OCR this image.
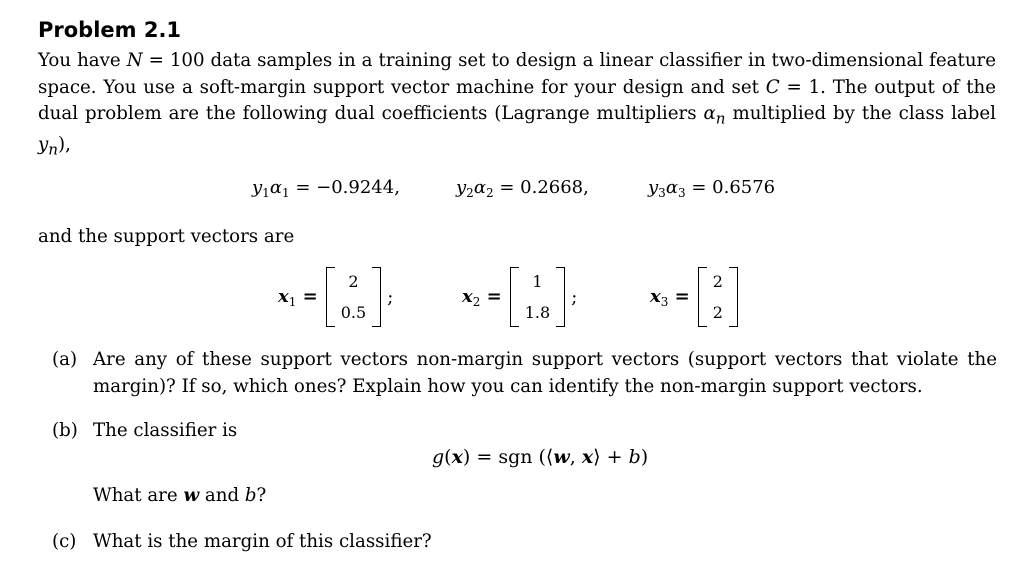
Problem 2.1

You have N = 100 data samples in a training set to design a linear classifier in two-dimensional feature space. You use a soft-margin support vector machine for your design and set C = 1. The output of the dual problem are the following dual coefficients (Lagrange multipliers $\alpha_n$ multiplied by the class label $y_n$),

$y_1\alpha_1 = -0.9244$,	$y_2\alpha_2 = 0.2668$,	$y_3\alpha_3 = 0.6576$

and the support vectors are

$x_1$ =
2
0.5
;	$x_2$ =
1
1.8
;	$x_3$ =
2
2
(a) Are any of these support vectors non-margin support vectors (support vectors that violate the margin)? If so, which ones? Explain how you can identify the non-margin support vectors.
(b) The classifier is
g(x) = sgn (⟨w, x⟩ + b)

What are w and b?

(c) What is the margin of this classifier?
